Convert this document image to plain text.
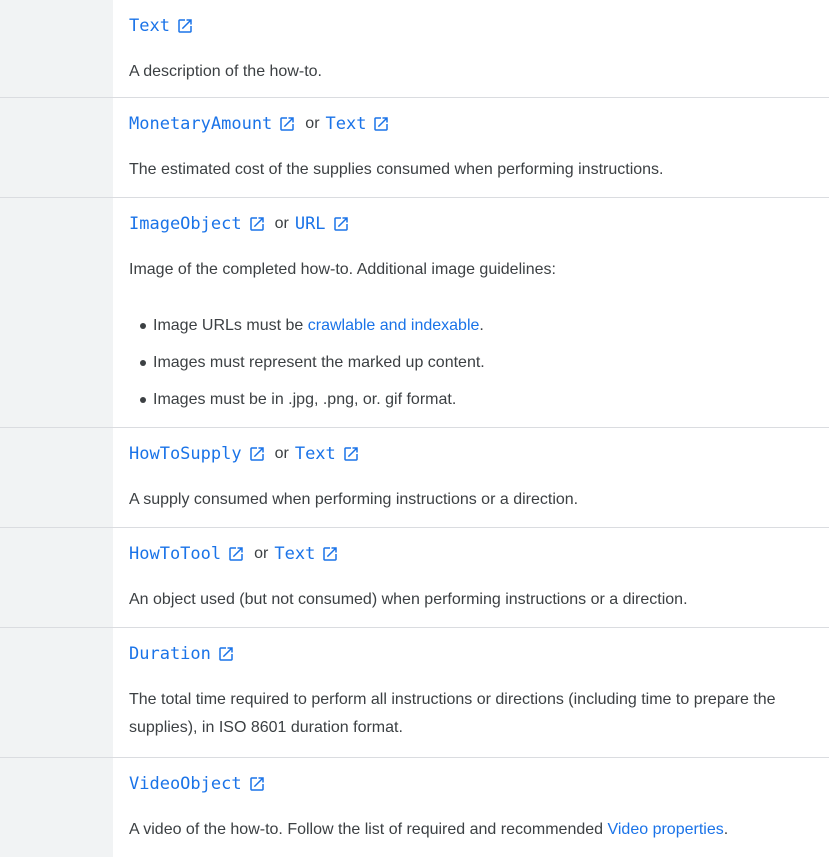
Text

A description of the how-to.

MonetaryAmount or Text

The estimated cost of the supplies consumed when performing instructions.

ImageObject or URL

Image of the completed how-to. Additional image guidelines:

Image URLs must be crawlable and indexable.
Images must represent the marked up content.
Images must be in .jpg, .png, or. gif format.
HowToSupply or Text

A supply consumed when performing instructions or a direction.

HowToTool or Text

An object used (but not consumed) when performing instructions or a direction.

Duration

The total time required to perform all instructions or directions (including time to prepare the
supplies), in ISO 8601 duration format.

VideoObject

A video of the how-to. Follow the list of required and recommended Video properties.
